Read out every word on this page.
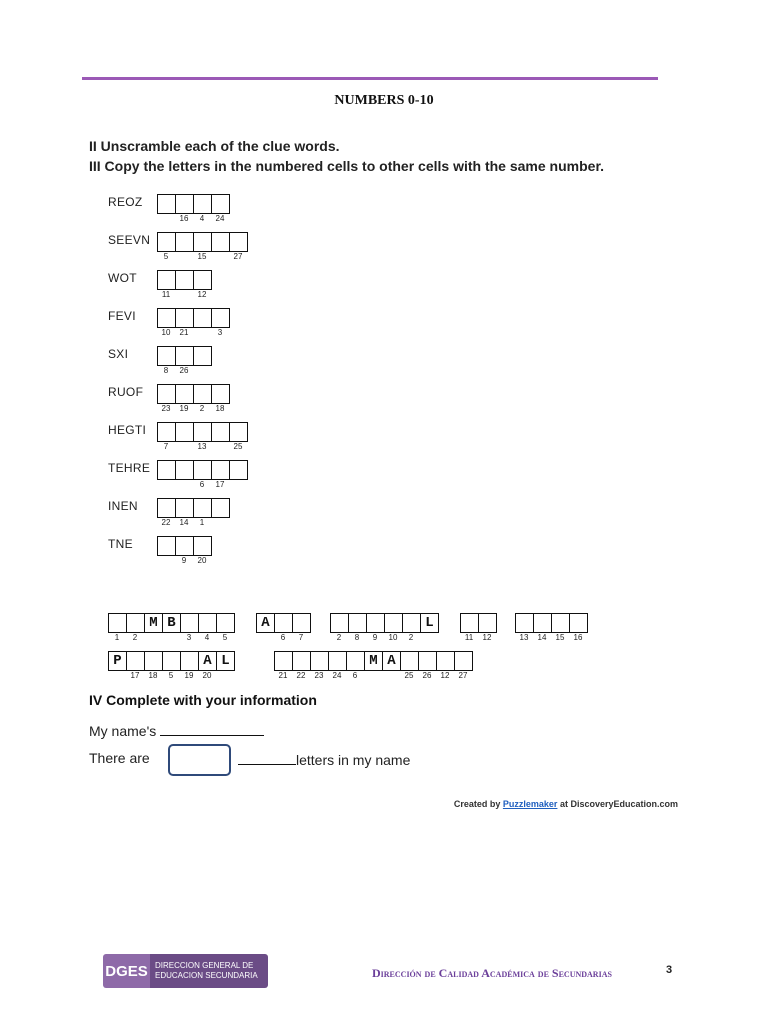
NUMBERS 0-10
II Unscramble each of the clue words.
III Copy the letters in the numbered cells to other cells with the same number.
REOZ
16	4	24
SEEVN
5	15	27
WOT
11	12
FEVI
10	21	3
SXI
8	26
RUOF
23	19	2	18
HEGTI
7	13	25
TEHRE
6	17
INEN
22	14	1
TNE
9	20
M B
1	2	3	4	5
A
6	7
L
2	8	9	10	2	11	12	13	14	15	16
P	A L
17	18	5	19	20
M A
21	22	23	24	6	25	26	12	27
IV Complete with your information
My name's
There are	letters in my name
Created by Puzzlemaker at DiscoveryEducation.com
DGES DIRECCION GENERAL DE
EDUCACION SECUNDARIA	Dirección de Calidad Académica de Secundarias	3
